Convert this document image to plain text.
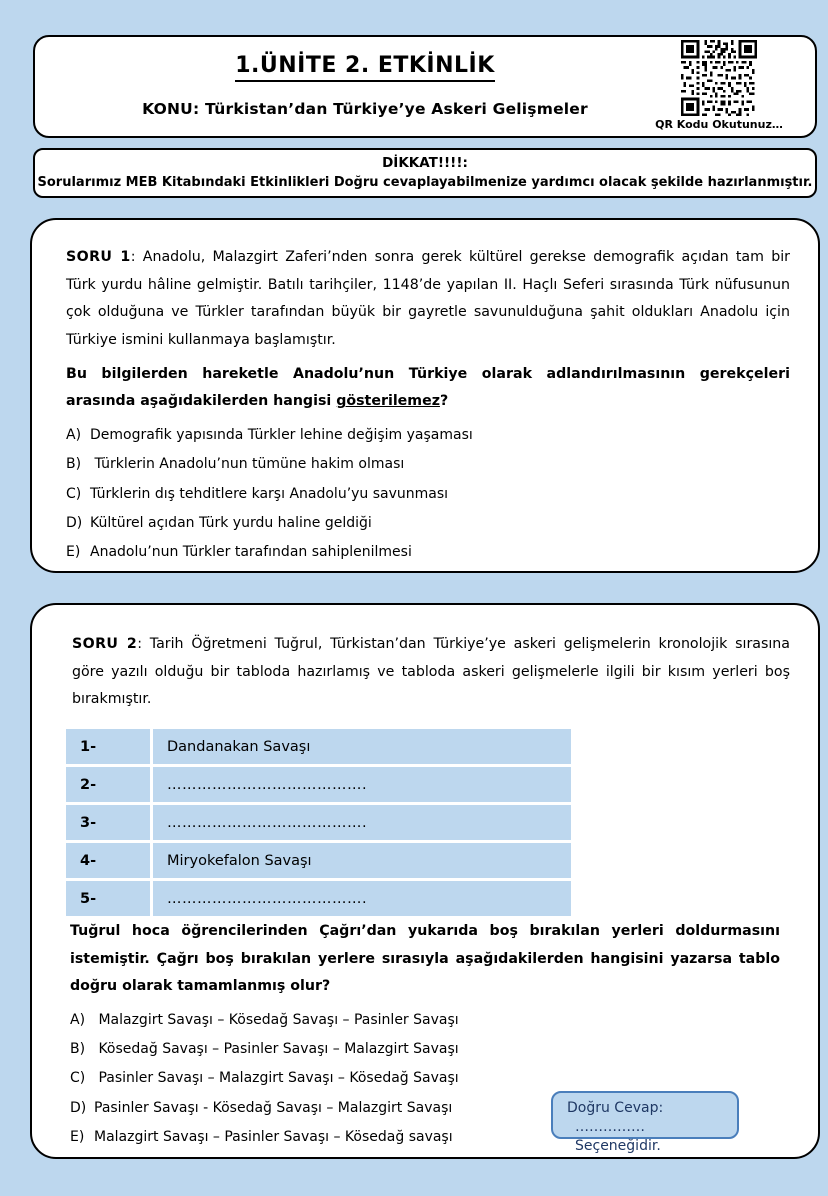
1.ÜNİTE 2. ETKİNLİK
KONU: Türkistan’dan Türkiye’ye Askeri Gelişmeler
QR Kodu Okutunuz…
DİKKAT!!!!:
Sorularımız MEB Kitabındaki Etkinlikleri Doğru cevaplayabilmenize yardımcı olacak şekilde hazırlanmıştır.

SORU 1: Anadolu, Malazgirt Zaferi’nden sonra gerek kültürel gerekse demografik açıdan tam bir Türk yurdu hâline gelmiştir. Batılı tarihçiler, 1148’de yapılan II. Haçlı Seferi sırasında Türk nüfusunun çok olduğuna ve Türkler tarafından büyük bir gayretle savunulduğuna şahit oldukları Anadolu için Türkiye ismini kullanmaya başlamıştır.

Bu bilgilerden hareketle Anadolu’nun Türkiye olarak adlandırılmasının gerekçeleri arasında aşağıdakilerden hangisi gösterilemez?

A) Demografik yapısında Türkler lehine değişim yaşaması
B) Türklerin Anadolu’nun tümüne hakim olması
C) Türklerin dış tehditlere karşı Anadolu’yu savunması
D) Kültürel açıdan Türk yurdu haline geldiği
E) Anadolu’nun Türkler tarafından sahiplenilmesi

SORU 2: Tarih Öğretmeni Tuğrul, Türkistan’dan Türkiye’ye askeri gelişmelerin kronolojik sırasına göre yazılı olduğu bir tabloda hazırlamış ve tabloda askeri gelişmelerle ilgili bir kısım yerleri boş bırakmıştır.

1-	Dandanakan Savaşı
2-	………………………………….
3-	………………………………….
4-	Miryokefalon Savaşı
5-	………………………………….

Tuğrul hoca öğrencilerinden Çağrı’dan yukarıda boş bırakılan yerleri doldurmasını istemiştir. Çağrı boş bırakılan yerlere sırasıyla aşağıdakilerden hangisini yazarsa tablo doğru olarak tamamlanmış olur?

A) Malazgirt Savaşı – Kösedağ Savaşı – Pasinler Savaşı
B) Kösedağ Savaşı – Pasinler Savaşı – Malazgirt Savaşı
C) Pasinler Savaşı – Malazgirt Savaşı – Kösedağ Savaşı
D) Pasinler Savaşı - Kösedağ Savaşı – Malazgirt Savaşı
E) Malazgirt Savaşı – Pasinler Savaşı – Kösedağ savaşı
Doğru Cevap:
…………… Seçeneğidir.
